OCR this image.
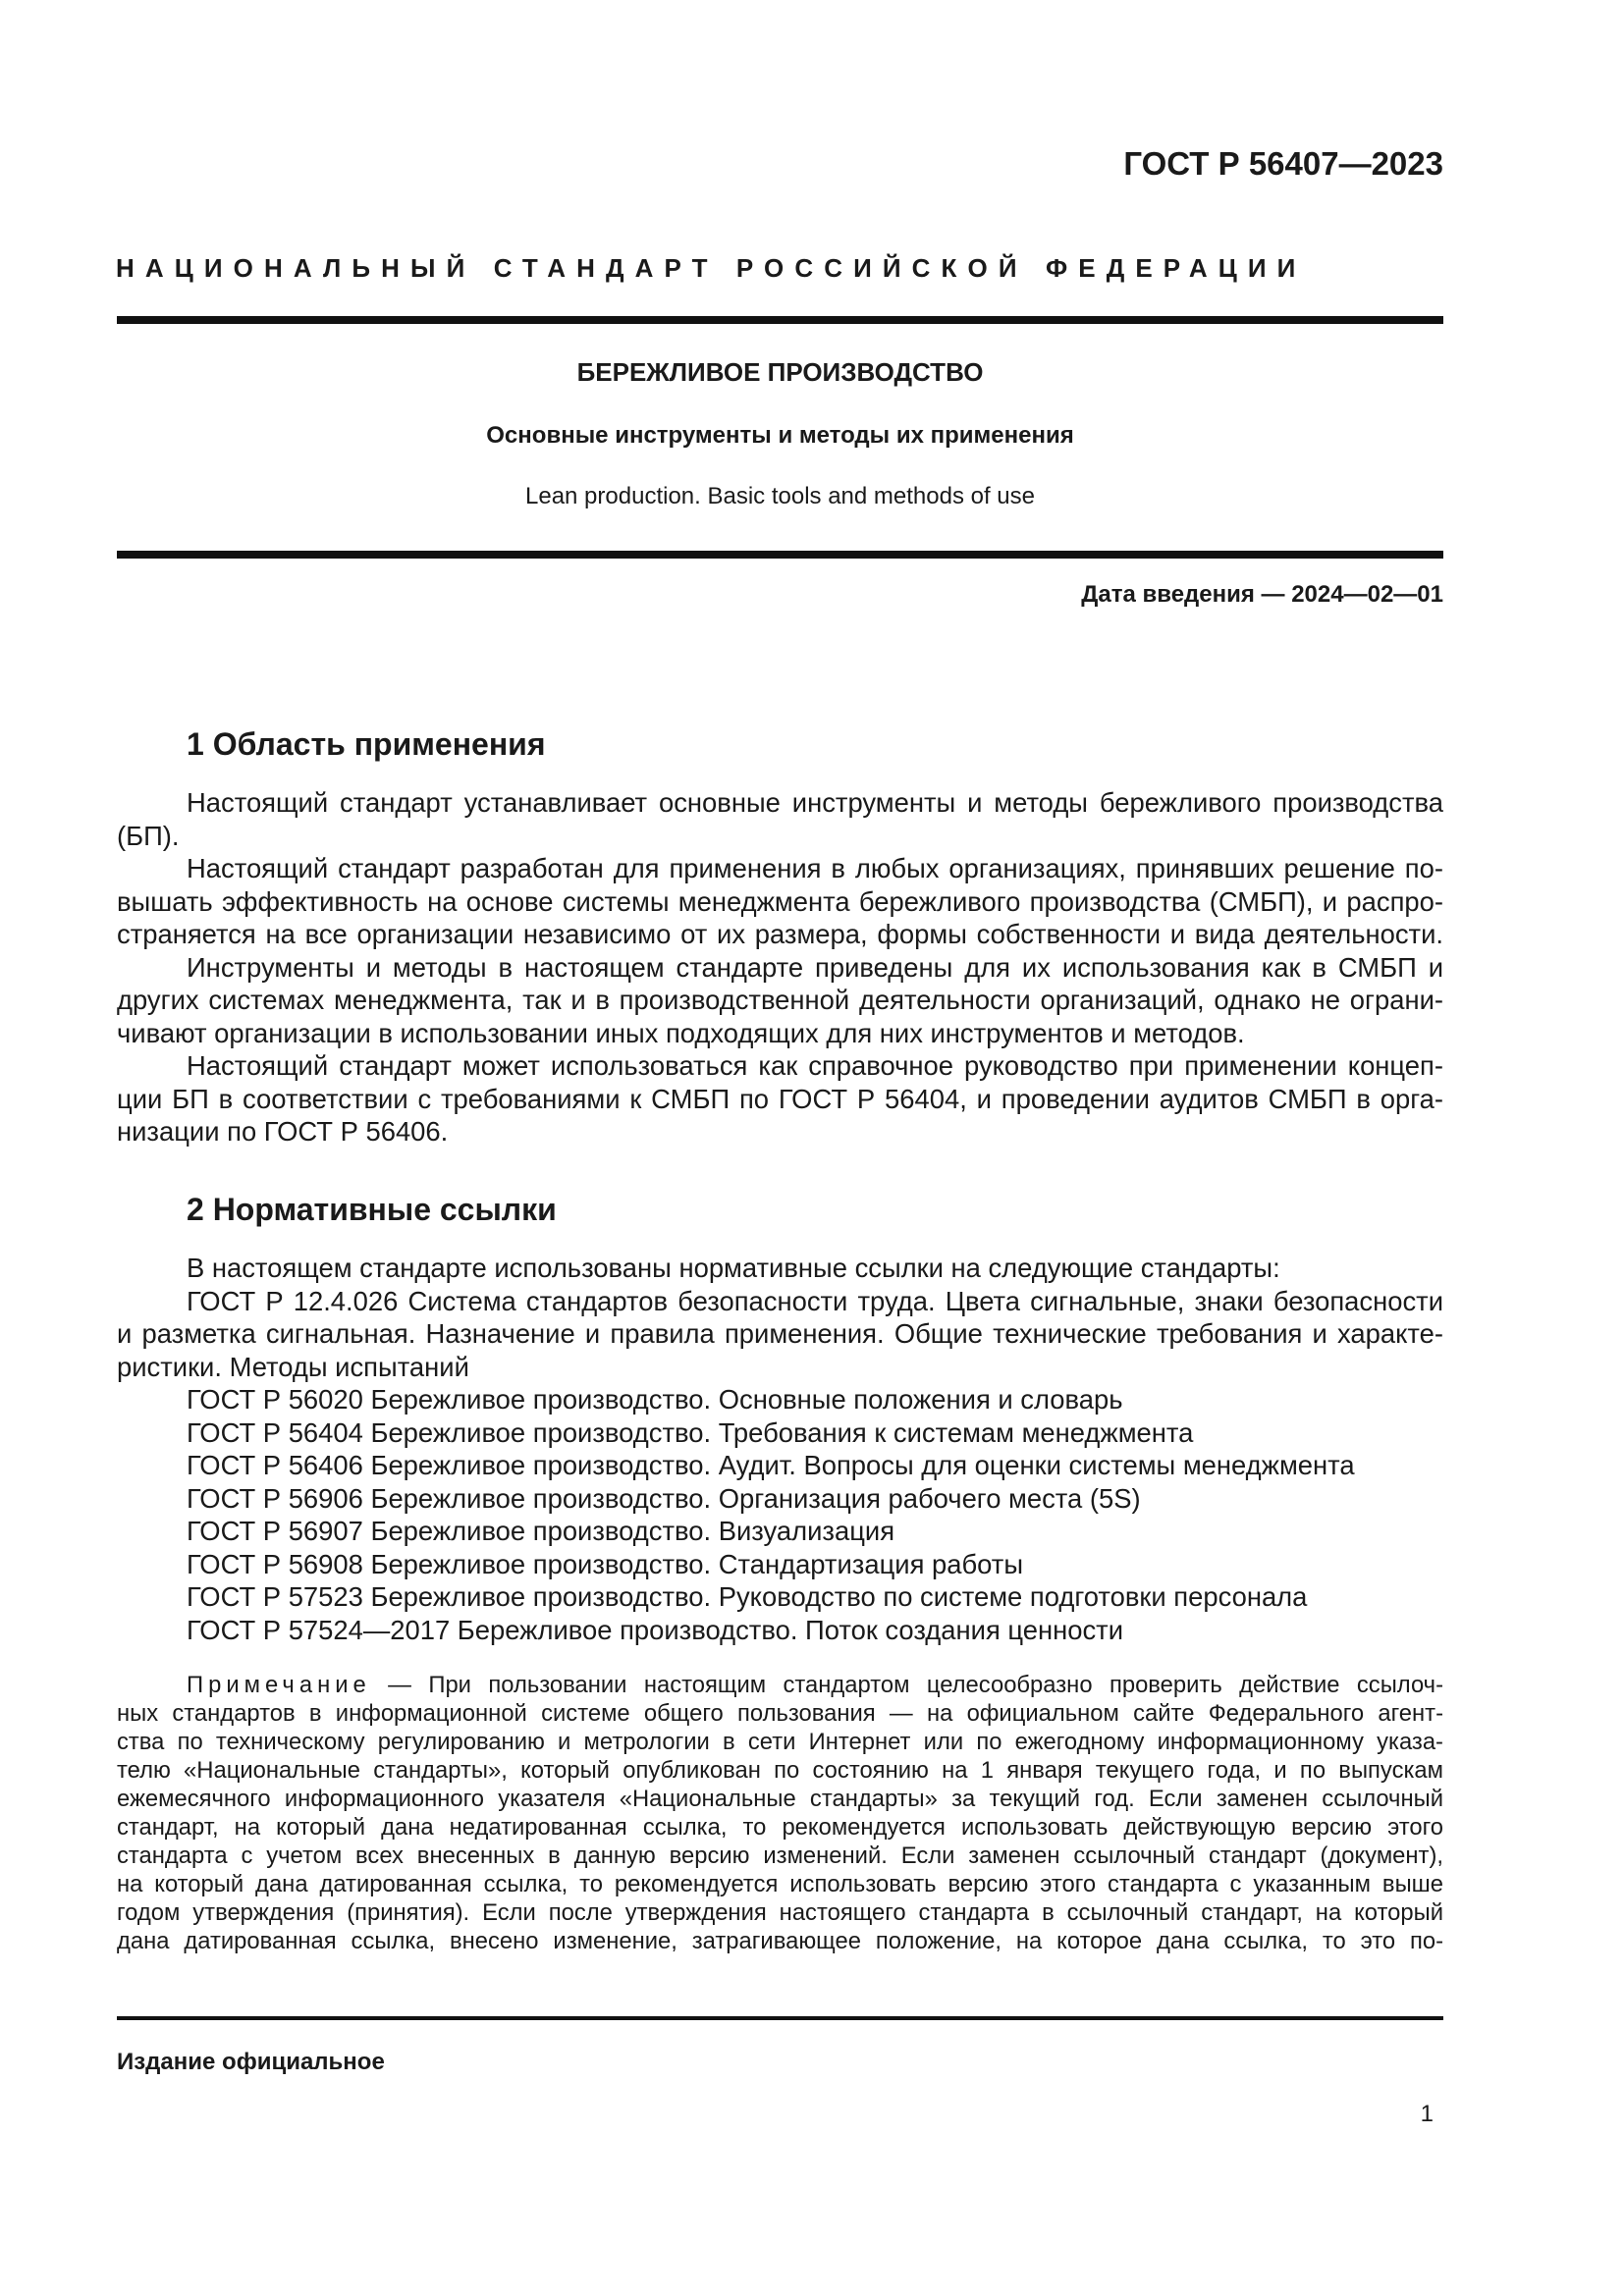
ГОСТ Р 56407—2023
НАЦИОНАЛЬНЫЙ СТАНДАРТ РОССИЙСКОЙ ФЕДЕРАЦИИ
БЕРЕЖЛИВОЕ ПРОИЗВОДСТВО
Основные инструменты и методы их применения
Lean production. Basic tools and methods of use
Дата введения — 2024—02—01
1 Область применения
Настоящий стандарт устанавливает основные инструменты и методы бережливого производства
(БП).
Настоящий стандарт разработан для применения в любых организациях, принявших решение по-
вышать эффективность на основе системы менеджмента бережливого производства (СМБП), и распро-
страняется на все организации независимо от их размера, формы собственности и вида деятельности.
Инструменты и методы в настоящем стандарте приведены для их использования как в СМБП и
других системах менеджмента, так и в производственной деятельности организаций, однако не ограни-
чивают организации в использовании иных подходящих для них инструментов и методов.
Настоящий стандарт может использоваться как справочное руководство при применении концеп-
ции БП в соответствии с требованиями к СМБП по ГОСТ Р 56404, и проведении аудитов СМБП в орга-
низации по ГОСТ Р 56406.
2 Нормативные ссылки
В настоящем стандарте использованы нормативные ссылки на следующие стандарты:
ГОСТ Р 12.4.026 Система стандартов безопасности труда. Цвета сигнальные, знаки безопасности
и разметка сигнальная. Назначение и правила применения. Общие технические требования и характе-
ристики. Методы испытаний
ГОСТ Р 56020 Бережливое производство. Основные положения и словарь
ГОСТ Р 56404 Бережливое производство. Требования к системам менеджмента
ГОСТ Р 56406 Бережливое производство. Аудит. Вопросы для оценки системы менеджмента
ГОСТ Р 56906 Бережливое производство. Организация рабочего места (5S)
ГОСТ Р 56907 Бережливое производство. Визуализация
ГОСТ Р 56908 Бережливое производство. Стандартизация работы
ГОСТ Р 57523 Бережливое производство. Руководство по системе подготовки персонала
ГОСТ Р 57524—2017 Бережливое производство. Поток создания ценности
Примечание — При пользовании настоящим стандартом целесообразно проверить действие ссылоч-
ных стандартов в информационной системе общего пользования — на официальном сайте Федерального агент-
ства по техническому регулированию и метрологии в сети Интернет или по ежегодному информационному указа-
телю «Национальные стандарты», который опубликован по состоянию на 1 января текущего года, и по выпускам
ежемесячного информационного указателя «Национальные стандарты» за текущий год. Если заменен ссылочный
стандарт, на который дана недатированная ссылка, то рекомендуется использовать действующую версию этого
стандарта с учетом всех внесенных в данную версию изменений. Если заменен ссылочный стандарт (документ),
на который дана датированная ссылка, то рекомендуется использовать версию этого стандарта с указанным выше
годом утверждения (принятия). Если после утверждения настоящего стандарта в ссылочный стандарт, на который
дана датированная ссылка, внесено изменение, затрагивающее положение, на которое дана ссылка, то это по-
Издание официальное
1
